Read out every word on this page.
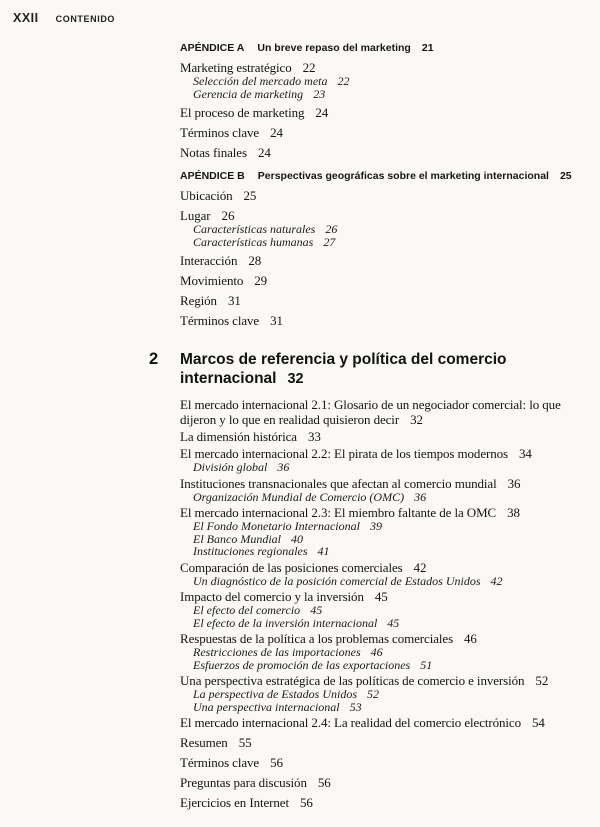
XXII CONTENIDO
APÉNDICE A Un breve repaso del marketing 21
Marketing estratégico 22
Selección del mercado meta 22
Gerencia de marketing 23
El proceso de marketing 24
Términos clave 24
Notas finales 24
APÉNDICE B Perspectivas geográficas sobre el marketing internacional 25
Ubicación 25
Lugar 26
Características naturales 26
Características humanas 27
Interacción 28
Movimiento 29
Región 31
Términos clave 31
2 Marcos de referencia y política del comercio internacional 32
El mercado internacional 2.1: Glosario de un negociador comercial: lo que dijeron y lo que en realidad quisieron decir 32
La dimensión histórica 33
El mercado internacional 2.2: El pirata de los tiempos modernos 34
División global 36
Instituciones transnacionales que afectan al comercio mundial 36
Organización Mundial de Comercio (OMC) 36
El mercado internacional 2.3: El miembro faltante de la OMC 38
El Fondo Monetario Internacional 39
El Banco Mundial 40
Instituciones regionales 41
Comparación de las posiciones comerciales 42
Un diagnóstico de la posición comercial de Estados Unidos 42
Impacto del comercio y la inversión 45
El efecto del comercio 45
El efecto de la inversión internacional 45
Respuestas de la política a los problemas comerciales 46
Restricciones de las importaciones 46
Esfuerzos de promoción de las exportaciones 51
Una perspectiva estratégica de las políticas de comercio e inversión 52
La perspectiva de Estados Unidos 52
Una perspectiva internacional 53
El mercado internacional 2.4: La realidad del comercio electrónico 54
Resumen 55
Términos clave 56
Preguntas para discusión 56
Ejercicios en Internet 56
